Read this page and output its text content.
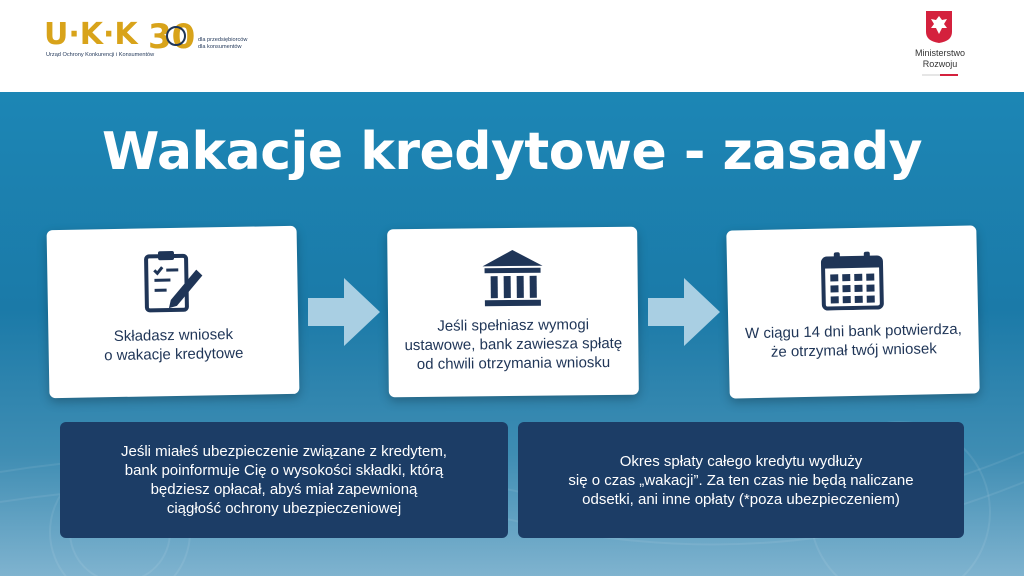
U·K·K
Urząd Ochrony Konkurencji i Konsumentów
30 dla przedsiębiorców
dla konsumentów
Ministerstwo
Rozwoju
Wakacje kredytowe - zasady
Składasz wniosek
o wakacje kredytowe
Jeśli spełniasz wymogi
ustawowe, bank zawiesza spłatę
od chwili otrzymania wniosku
W ciągu 14 dni bank potwierdza,
że otrzymał twój wniosek

Jeśli miałeś ubezpieczenie związane z kredytem,
bank poinformuje Cię o wysokości składki, którą
będziesz opłacał, abyś miał zapewnioną
ciągłość ochrony ubezpieczeniowej

Okres spłaty całego kredytu wydłuży
się o czas „wakacji”. Za ten czas nie będą naliczane
odsetki, ani inne opłaty (*poza ubezpieczeniem)
